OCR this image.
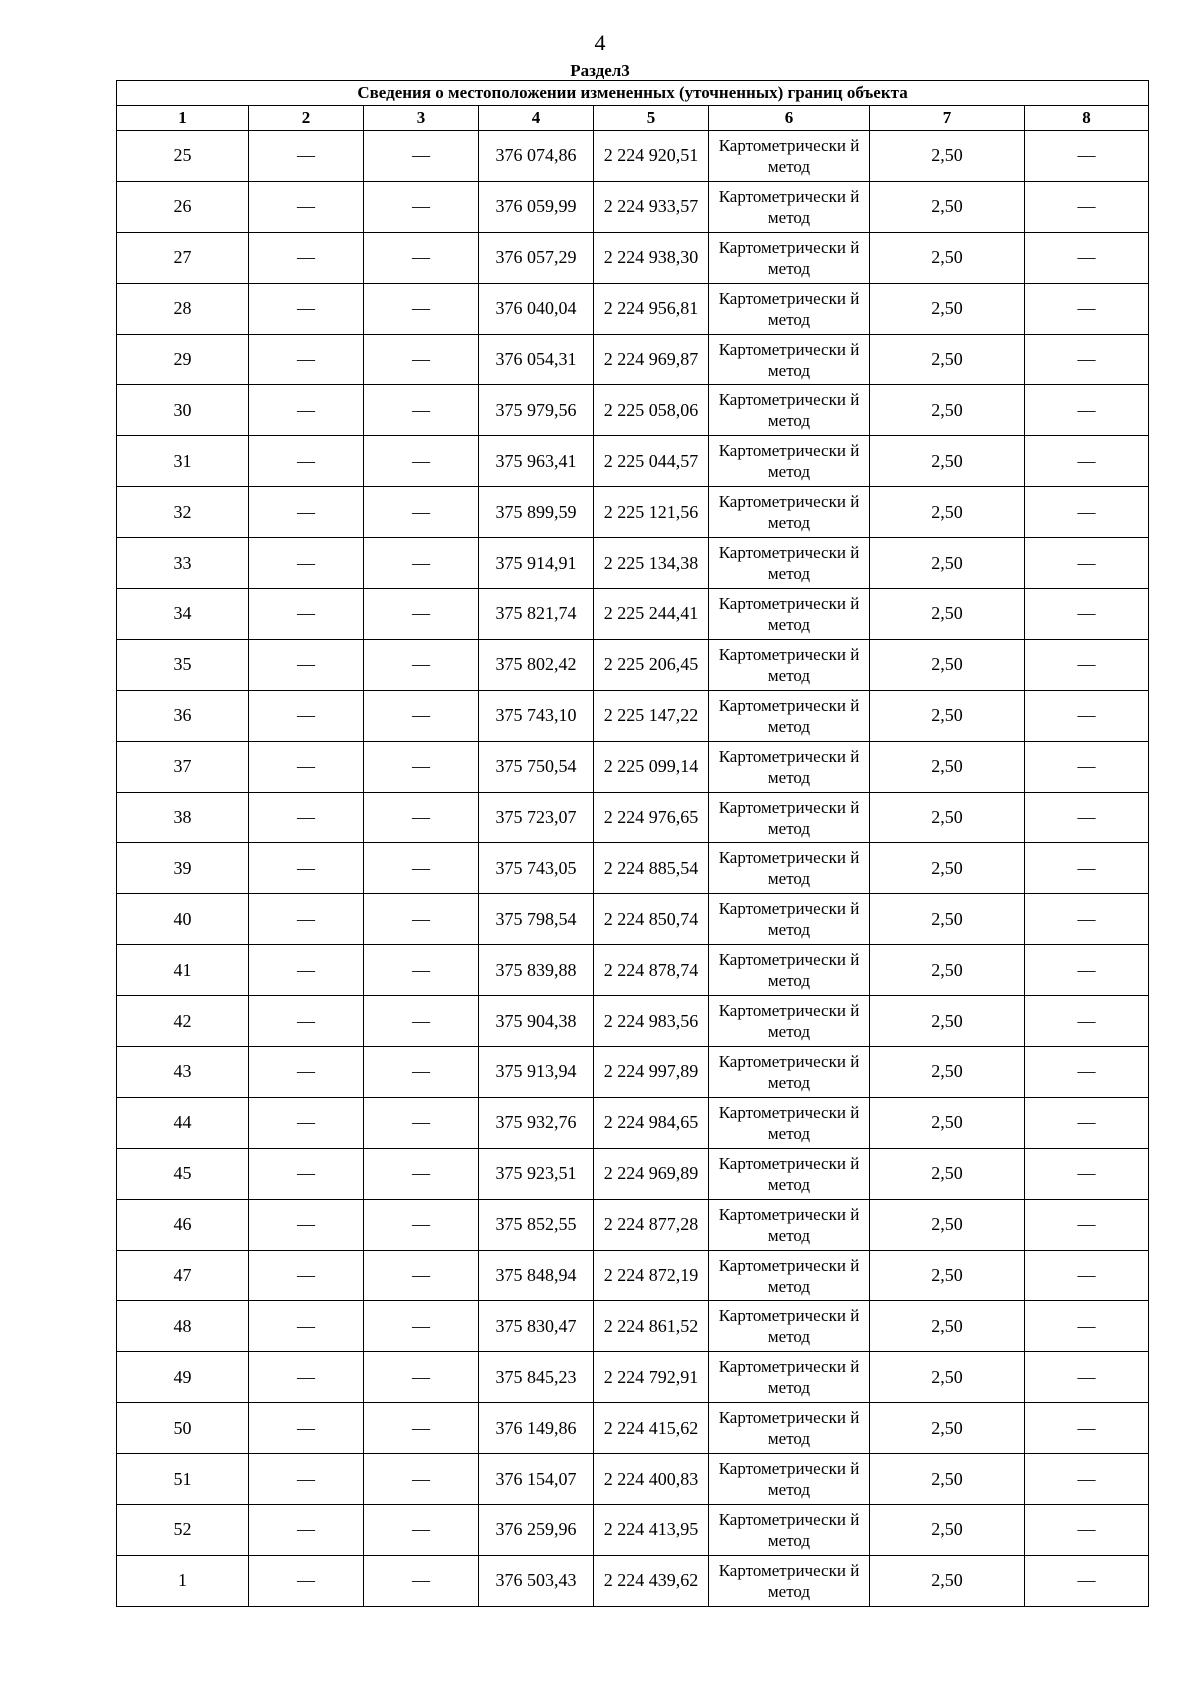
4
Раздел3
Сведения о местоположении измененных (уточненных) границ объекта							
1	2	3	4	5	6	7	8
25	—	—	376 074,86	2 224 920,51	Картометрически й метод	2,50	—
26	—	—	376 059,99	2 224 933,57	Картометрически й метод	2,50	—
27	—	—	376 057,29	2 224 938,30	Картометрически й метод	2,50	—
28	—	—	376 040,04	2 224 956,81	Картометрически й метод	2,50	—
29	—	—	376 054,31	2 224 969,87	Картометрически й метод	2,50	—
30	—	—	375 979,56	2 225 058,06	Картометрически й метод	2,50	—
31	—	—	375 963,41	2 225 044,57	Картометрически й метод	2,50	—
32	—	—	375 899,59	2 225 121,56	Картометрически й метод	2,50	—
33	—	—	375 914,91	2 225 134,38	Картометрически й метод	2,50	—
34	—	—	375 821,74	2 225 244,41	Картометрически й метод	2,50	—
35	—	—	375 802,42	2 225 206,45	Картометрически й метод	2,50	—
36	—	—	375 743,10	2 225 147,22	Картометрически й метод	2,50	—
37	—	—	375 750,54	2 225 099,14	Картометрически й метод	2,50	—
38	—	—	375 723,07	2 224 976,65	Картометрически й метод	2,50	—
39	—	—	375 743,05	2 224 885,54	Картометрически й метод	2,50	—
40	—	—	375 798,54	2 224 850,74	Картометрически й метод	2,50	—
41	—	—	375 839,88	2 224 878,74	Картометрически й метод	2,50	—
42	—	—	375 904,38	2 224 983,56	Картометрически й метод	2,50	—
43	—	—	375 913,94	2 224 997,89	Картометрически й метод	2,50	—
44	—	—	375 932,76	2 224 984,65	Картометрически й метод	2,50	—
45	—	—	375 923,51	2 224 969,89	Картометрически й метод	2,50	—
46	—	—	375 852,55	2 224 877,28	Картометрически й метод	2,50	—
47	—	—	375 848,94	2 224 872,19	Картометрически й метод	2,50	—
48	—	—	375 830,47	2 224 861,52	Картометрически й метод	2,50	—
49	—	—	375 845,23	2 224 792,91	Картометрически й метод	2,50	—
50	—	—	376 149,86	2 224 415,62	Картометрически й метод	2,50	—
51	—	—	376 154,07	2 224 400,83	Картометрически й метод	2,50	—
52	—	—	376 259,96	2 224 413,95	Картометрически й метод	2,50	—
1	—	—	376 503,43	2 224 439,62	Картометрически й метод	2,50	—
